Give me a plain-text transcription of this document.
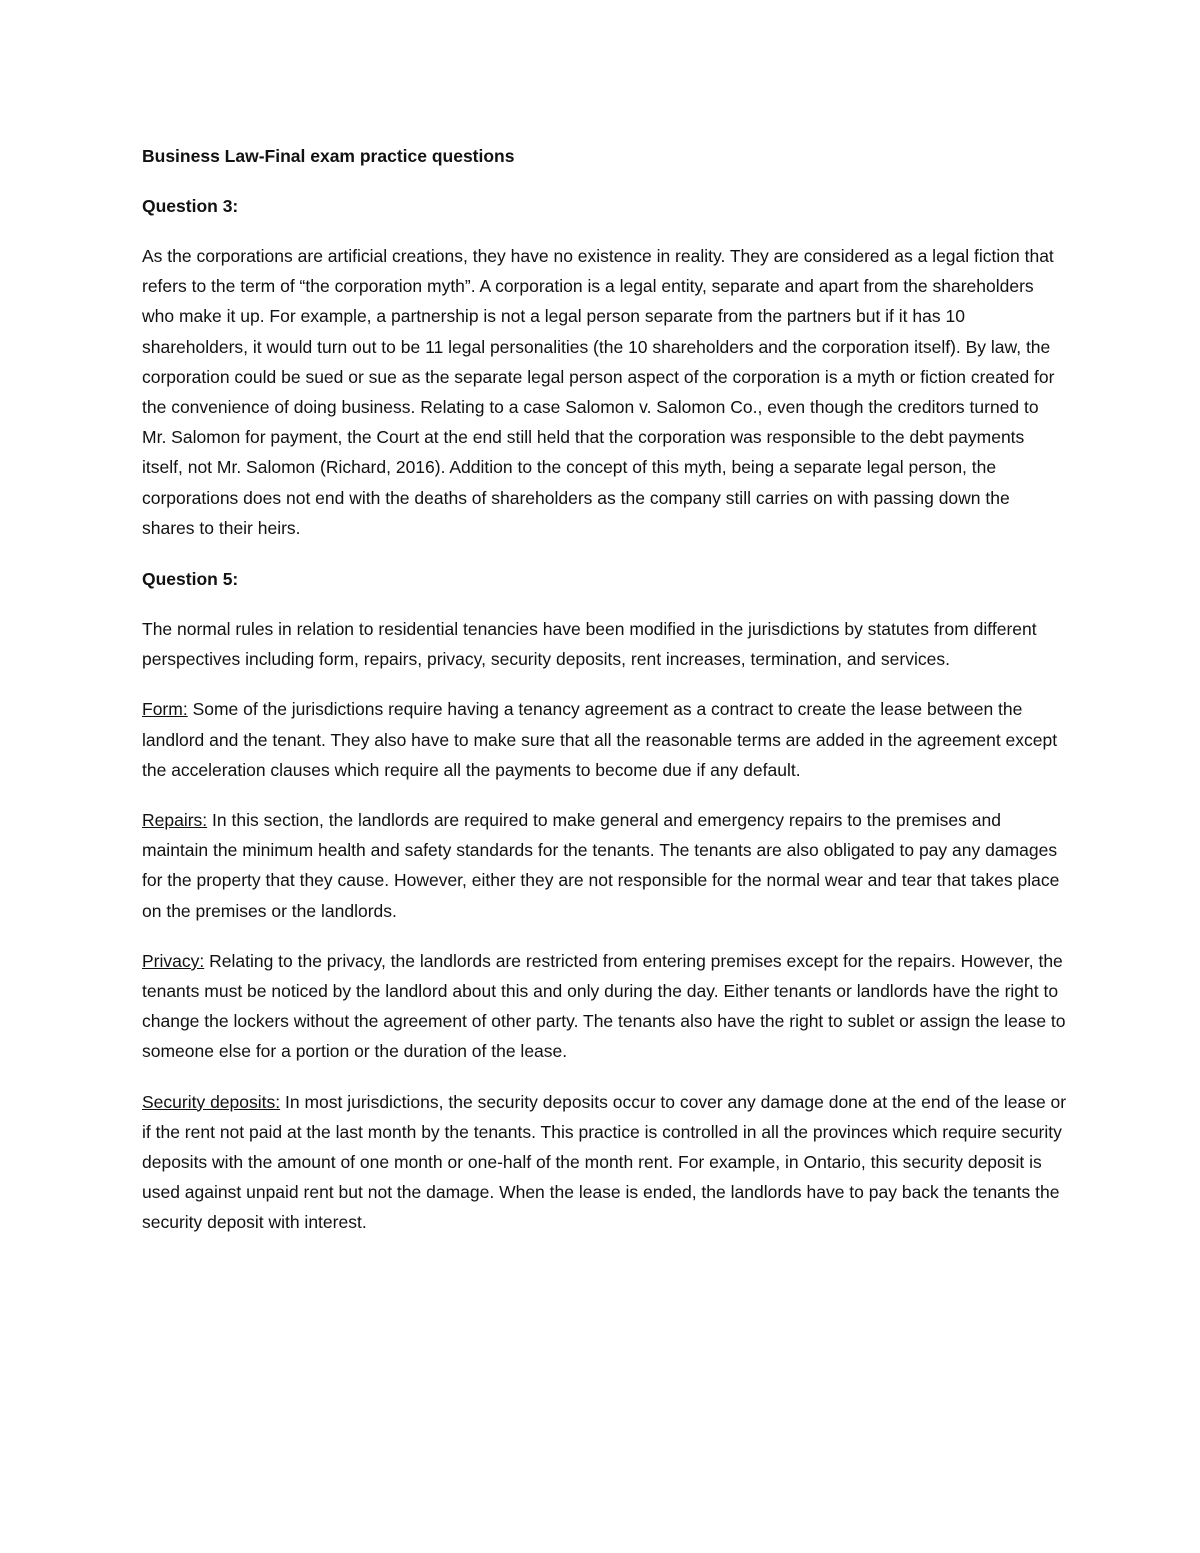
Business Law-Final exam practice questions
Question 3:

As the corporations are artificial creations, they have no existence in reality. They are considered as a legal fiction that refers to the term of “the corporation myth”. A corporation is a legal entity, separate and apart from the shareholders who make it up. For example, a partnership is not a legal person separate from the partners but if it has 10 shareholders, it would turn out to be 11 legal personalities (the 10 shareholders and the corporation itself). By law, the corporation could be sued or sue as the separate legal person aspect of the corporation is a myth or fiction created for the convenience of doing business. Relating to a case Salomon v. Salomon Co., even though the creditors turned to Mr. Salomon for payment, the Court at the end still held that the corporation was responsible to the debt payments itself, not Mr. Salomon (Richard, 2016). Addition to the concept of this myth, being a separate legal person, the corporations does not end with the deaths of shareholders as the company still carries on with passing down the shares to their heirs.

Question 5:

The normal rules in relation to residential tenancies have been modified in the jurisdictions by statutes from different perspectives including form, repairs, privacy, security deposits, rent increases, termination, and services.

Form: Some of the jurisdictions require having a tenancy agreement as a contract to create the lease between the landlord and the tenant. They also have to make sure that all the reasonable terms are added in the agreement except the acceleration clauses which require all the payments to become due if any default.

Repairs: In this section, the landlords are required to make general and emergency repairs to the premises and maintain the minimum health and safety standards for the tenants. The tenants are also obligated to pay any damages for the property that they cause. However, either they are not responsible for the normal wear and tear that takes place on the premises or the landlords.

Privacy: Relating to the privacy, the landlords are restricted from entering premises except for the repairs. However, the tenants must be noticed by the landlord about this and only during the day. Either tenants or landlords have the right to change the lockers without the agreement of other party. The tenants also have the right to sublet or assign the lease to someone else for a portion or the duration of the lease.

Security deposits: In most jurisdictions, the security deposits occur to cover any damage done at the end of the lease or if the rent not paid at the last month by the tenants. This practice is controlled in all the provinces which require security deposits with the amount of one month or one-half of the month rent. For example, in Ontario, this security deposit is used against unpaid rent but not the damage. When the lease is ended, the landlords have to pay back the tenants the security deposit with interest.
